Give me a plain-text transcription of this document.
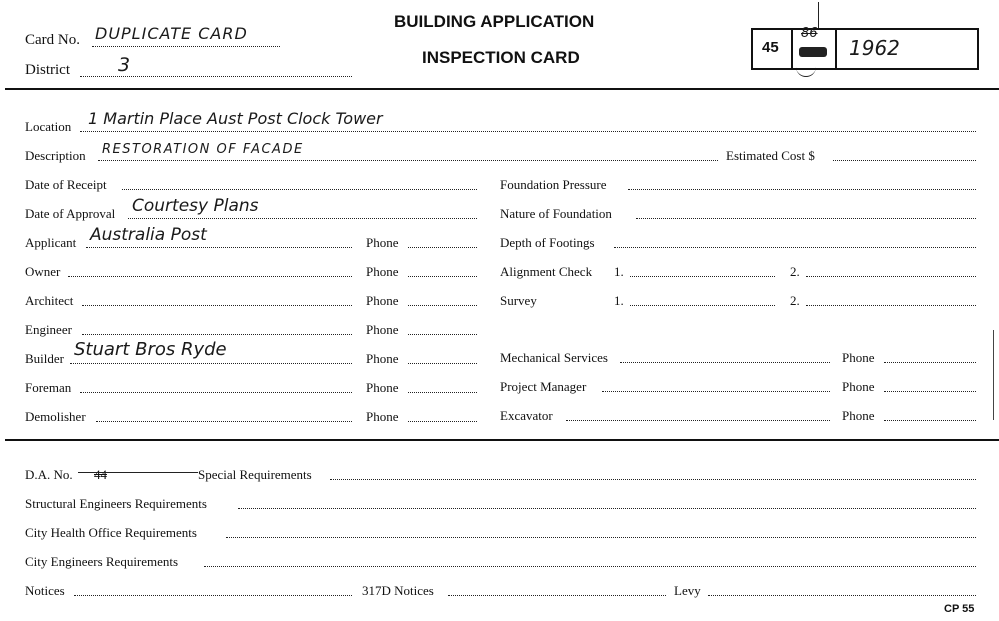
Card No. DUPLICATE CARD
District	3
BUILDING APPLICATION
INSPECTION CARD
45
86
1962
Location 1 Martin Place Aust Post Clock Tower
Description RESTORATION OF FACADE	Estimated Cost $
Date of Receipt
Date of Approval Courtesy Plans
Applicant Australia Post	Phone
Owner	Phone
Architect	Phone
Engineer	Phone
Builder Stuart Bros Ryde	Phone
Foreman	Phone
Demolisher	Phone
Foundation Pressure
Nature of Foundation
Depth of Footings
Alignment Check 1.	2.
Survey	1.	2.
Mechanical Services	Phone
Project Manager	Phone
Excavator	Phone
D.A. No. 44	Special Requirements
Structural Engineers Requirements
City Health Office Requirements
City Engineers Requirements
Notices	317D Notices	Levy
CP 55
